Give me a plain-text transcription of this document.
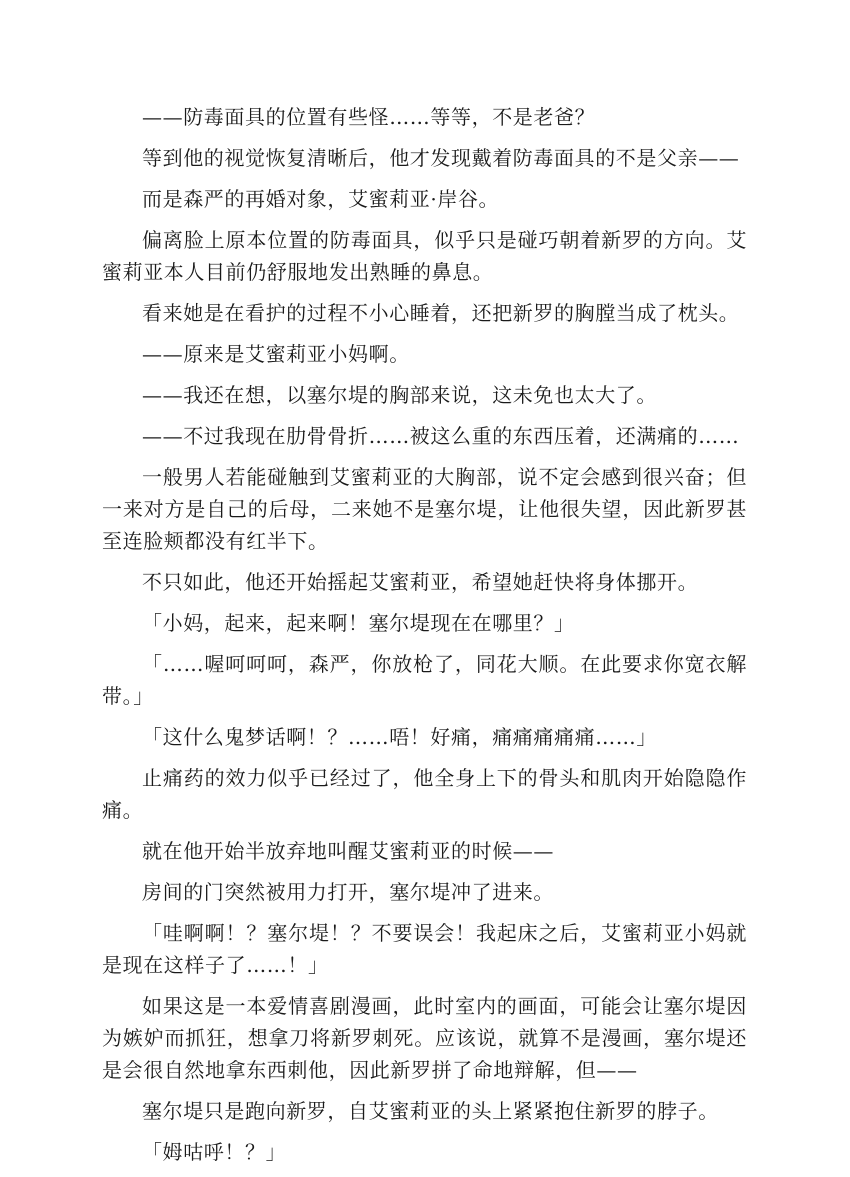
——防毒面具的位置有些怪……等等，不是老爸？

等到他的视觉恢复清晰后，他才发现戴着防毒面具的不是父亲——

而是森严的再婚对象，艾蜜莉亚·岸谷。

偏离脸上原本位置的防毒面具，似乎只是碰巧朝着新罗的方向。艾蜜莉亚本人目前仍舒服地发出熟睡的鼻息。

看来她是在看护的过程不小心睡着，还把新罗的胸膛当成了枕头。

——原来是艾蜜莉亚小妈啊。

——我还在想，以塞尔堤的胸部来说，这未免也太大了。

——不过我现在肋骨骨折……被这么重的东西压着，还满痛的……

一般男人若能碰触到艾蜜莉亚的大胸部，说不定会感到很兴奋；但一来对方是自己的后母，二来她不是塞尔堤，让他很失望，因此新罗甚至连脸颊都没有红半下。

不只如此，他还开始摇起艾蜜莉亚，希望她赶快将身体挪开。

「小妈，起来，起来啊！塞尔堤现在在哪里？」

「……喔呵呵呵，森严，你放枪了，同花大顺。在此要求你宽衣解带。」

「这什么鬼梦话啊！？……唔！好痛，痛痛痛痛痛……」

止痛药的效力似乎已经过了，他全身上下的骨头和肌肉开始隐隐作痛。

就在他开始半放弃地叫醒艾蜜莉亚的时候——

房间的门突然被用力打开，塞尔堤冲了进来。

「哇啊啊！？塞尔堤！？不要误会！我起床之后，艾蜜莉亚小妈就是现在这样子了……！」

如果这是一本爱情喜剧漫画，此时室内的画面，可能会让塞尔堤因为嫉妒而抓狂，想拿刀将新罗刺死。应该说，就算不是漫画，塞尔堤还是会很自然地拿东西刺他，因此新罗拼了命地辩解，但——

塞尔堤只是跑向新罗，自艾蜜莉亚的头上紧紧抱住新罗的脖子。

「姆咕呼！？」
